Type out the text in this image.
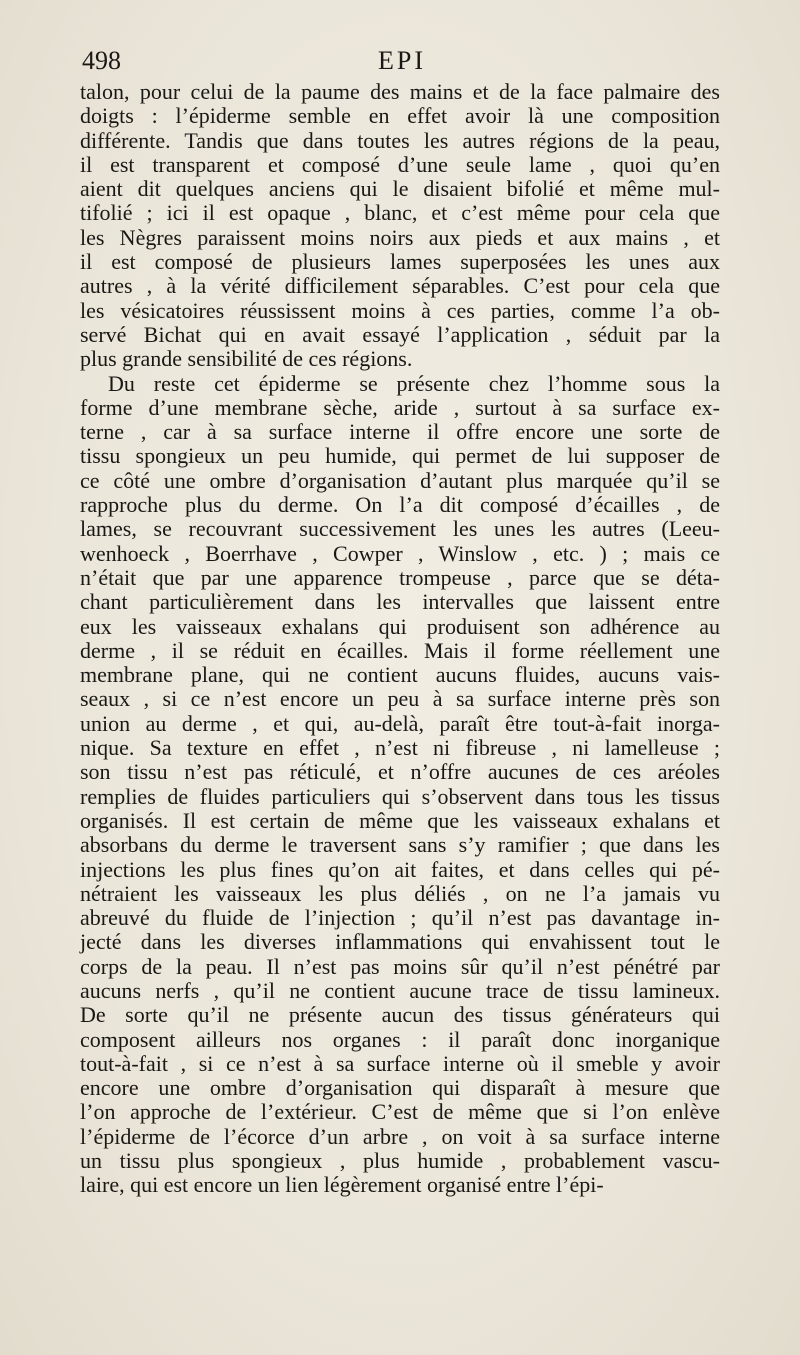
498	EPI

talon, pour celui de la paume des mains et de la face palmaire des

doigts : l’épiderme semble en effet avoir là une composition

différente. Tandis que dans toutes les autres régions de la peau,

il est transparent et composé d’une seule lame , quoi qu’en

aient dit quelques anciens qui le disaient bifolié et même mul-

tifolié ; ici il est opaque , blanc, et c’est même pour cela que

les Nègres paraissent moins noirs aux pieds et aux mains , et

il est composé de plusieurs lames superposées les unes aux

autres , à la vérité difficilement séparables. C’est pour cela que

les vésicatoires réussissent moins à ces parties, comme l’a ob-

servé Bichat qui en avait essayé l’application , séduit par la

plus grande sensibilité de ces régions.

Du reste cet épiderme se présente chez l’homme sous la

forme d’une membrane sèche, aride , surtout à sa surface ex-

terne , car à sa surface interne il offre encore une sorte de

tissu spongieux un peu humide, qui permet de lui supposer de

ce côté une ombre d’organisation d’autant plus marquée qu’il se

rapproche plus du derme. On l’a dit composé d’écailles , de

lames, se recouvrant successivement les unes les autres (Leeu-

wenhoeck , Boerrhave , Cowper , Winslow , etc. ) ; mais ce

n’était que par une apparence trompeuse , parce que se déta-

chant particulièrement dans les intervalles que laissent entre

eux les vaisseaux exhalans qui produisent son adhérence au

derme , il se réduit en écailles. Mais il forme réellement une

membrane plane, qui ne contient aucuns fluides, aucuns vais-

seaux , si ce n’est encore un peu à sa surface interne près son

union au derme , et qui, au-delà, paraît être tout-à-fait inorga-

nique. Sa texture en effet , n’est ni fibreuse , ni lamelleuse ;

son tissu n’est pas réticulé, et n’offre aucunes de ces aréoles

remplies de fluides particuliers qui s’observent dans tous les tissus

organisés. Il est certain de même que les vaisseaux exhalans et

absorbans du derme le traversent sans s’y ramifier ; que dans les

injections les plus fines qu’on ait faites, et dans celles qui pé-

nétraient les vaisseaux les plus déliés , on ne l’a jamais vu

abreuvé du fluide de l’injection ; qu’il n’est pas davantage in-

jecté dans les diverses inflammations qui envahissent tout le

corps de la peau. Il n’est pas moins sûr qu’il n’est pénétré par

aucuns nerfs , qu’il ne contient aucune trace de tissu lamineux.

De sorte qu’il ne présente aucun des tissus générateurs qui

composent ailleurs nos organes : il paraît donc inorganique

tout-à-fait , si ce n’est à sa surface interne où il smeble y avoir

encore une ombre d’organisation qui disparaît à mesure que

l’on approche de l’extérieur. C’est de même que si l’on enlève

l’épiderme de l’écorce d’un arbre , on voit à sa surface interne

un tissu plus spongieux , plus humide , probablement vascu-

laire, qui est encore un lien légèrement organisé entre l’épi-
